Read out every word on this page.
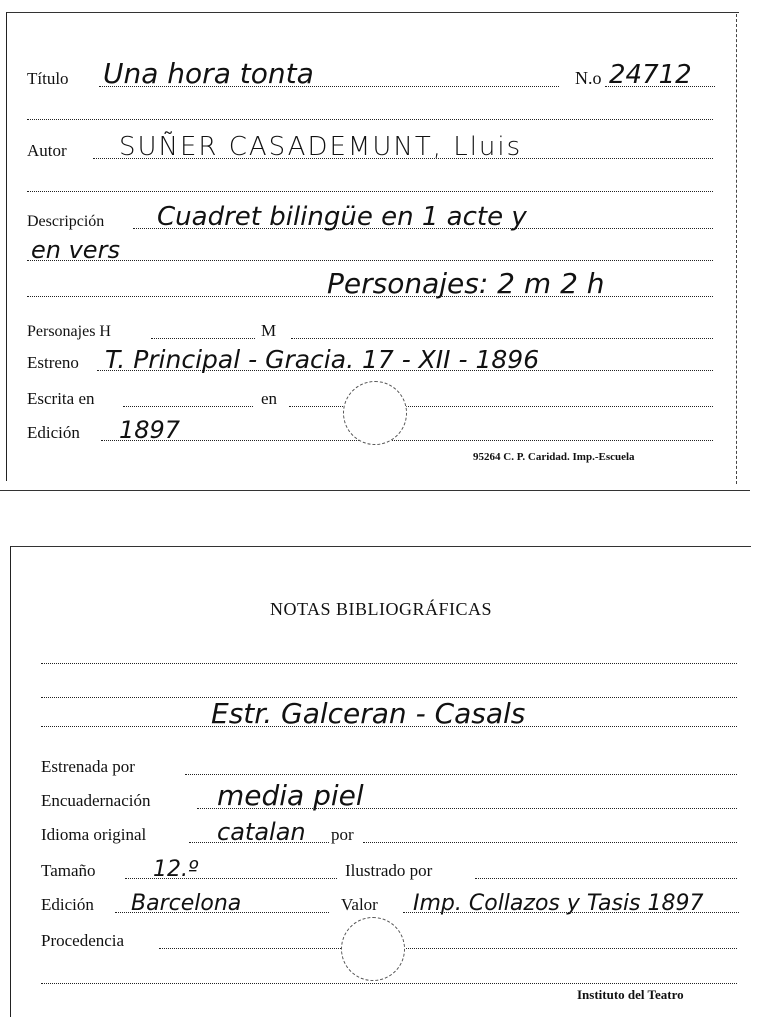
Título Una hora tonta	N.o 24712
Autor SUÑER CASADEMUNT, Lluis
Descripción Cuadret bilingüe en 1 acte y
en vers
Personajes: 2 m 2 h
Personajes H	M
Estreno T. Principal - Gracia. 17 - XII - 1896
Escrita en	en
Edición 1897
95264 C. P. Caridad. Imp.-Escuela
NOTAS BIBLIOGRÁFICAS
Estr. Galceran - Casals
Estrenada por
Encuadernación media piel
Idioma original	catalan por
Tamaño	12.º	Ilustrado por
Edición Barcelona	Valor Imp. Collazos y Tasis 1897
Procedencia
Instituto del Teatro
